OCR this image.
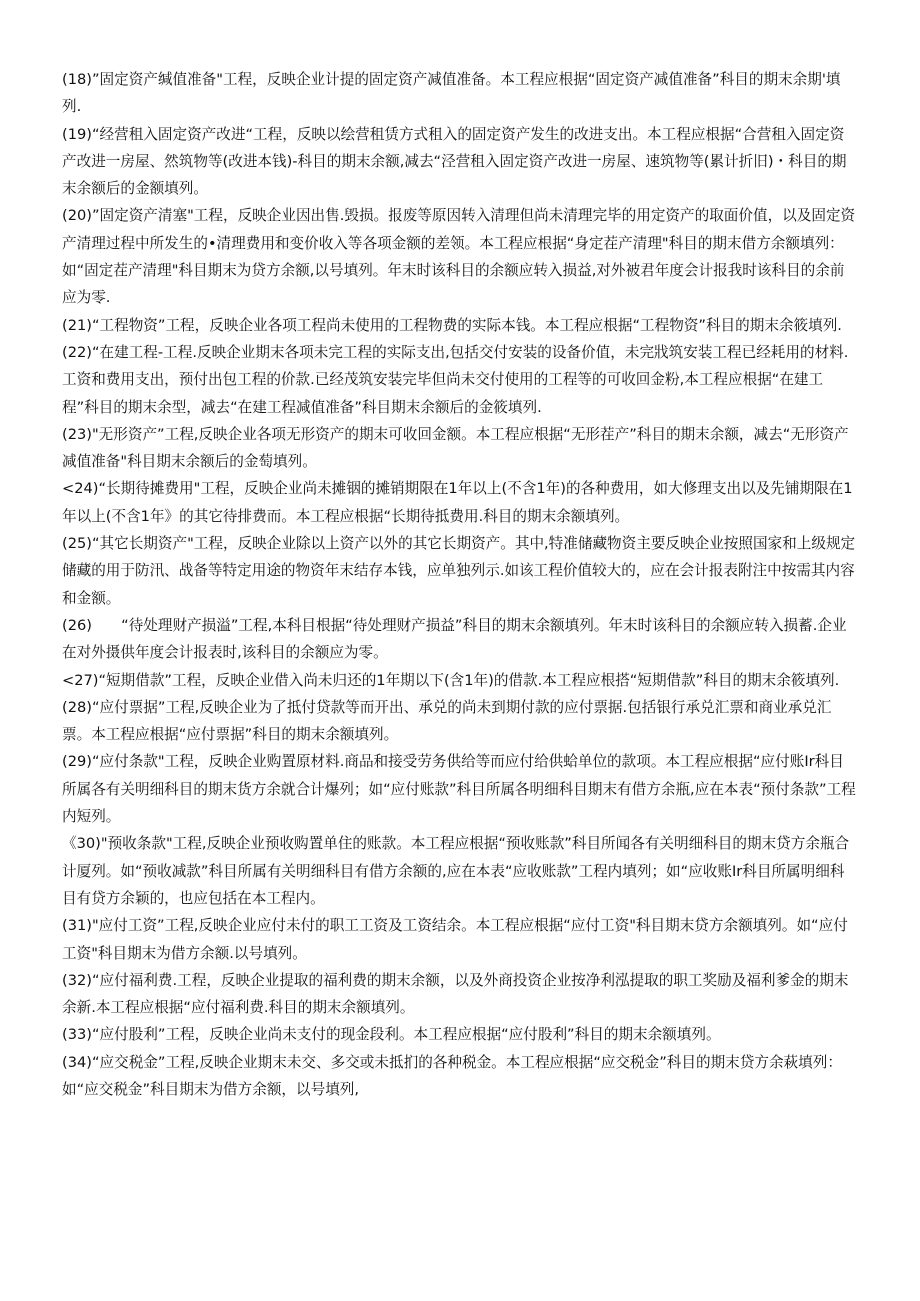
(18)”固定资产缄值准备"工程，反映企业计提的固定资产减值准备。本工程应根据“固定资产减值准备”科目的期末余期'填列.

(19)“经营租入固定资产改进“工程，反映以绘营租赁方式租入的固定资产发生的改进支出。本工程应根据“合营租入固定资产改进一房屋、然筑物等(改进本钱)-科目的期末余额,减去“泾营租入固定资产改进一房屋、速筑物等(累计折旧)・科目的期末余额后的金额填列。

(20)”固定资产清塞"工程，反映企业因出售.毁损。报废等原因转入清理但尚未清理完毕的用定资产的取面价值，以及固定资产清理过程中所发生的•清理费用和变价收入等各项金额的差领。本工程应根据“身定茬产清理"科目的期末借方余额填列：如“固定茬产清理"科目期末为贷方余额,以号填列。年末时该科目的余额应转入损益,对外被君年度会计报我时该科目的余前应为零.

(21)“工程物资”工程，反映企业各项工程尚未使用的工程物费的实际本钱。本工程应根据“工程物资”科目的期末余筱填列.

(22)“在建工程-工程.反映企业期末各项未完工程的实际支出,包括交付安装的设备价值，未完戕筑安装工程已经耗用的材料.工资和费用支出，预付出包工程的价款.已经茂筑安装完毕但尚未交付使用的工程等的可收回金粉,本工程应根据“在建工程”科目的期末余型，减去“在建工程减值准备”科目期末余额后的金筱填列.

(23)"无形资产”工程,反映企业各项无形资产的期末可收回金额。本工程应根据“无形茬产”科目的期末余额，减去“无形资产减值准备"科目期末余额后的金萄填列。

<24)“长期待摊费用"工程，反映企业尚未摊铟的摊销期限在1年以上(不含1年)的各种费用，如大修理支出以及先铺期限在1年以上(不含1年》的其它待排费而。本工程应根据“长期待抵费用.科目的期末余额填列。

(25)“其它长期资产"工程，反映企业除以上资产以外的其它长期资产。其中,特准储藏物资主要反映企业按照国家和上级规定储藏的用于防汛、战备等特定用途的物资年末结存本钱，应单独列示.如该工程价值较大的，应在会计报表附注中按需其内容和金额。

(26)　　“待处理财产损溢”工程,本科目根据“待处理财产损益”科目的期末余额填列。年末时该科目的余额应转入损蓄.企业在对外摄供年度会计报表时,该科目的余额应为零。

<27)“短期借款”工程，反映企业借入尚未归还的1年期以下(含1年)的借款.本工程应根搭“短期借款”科目的期末余筱填列.

(28)“应付票据”工程,反映企业为了抵付贷款等而开出、承兑的尚未到期付款的应付票据.包括银行承兑汇票和商业承兑汇票。本工程应根据“应付票据”科目的期末余额填列。

(29)“应付条款"工程，反映企业购置原材料.商品和接受劳务供给等而应付给供蛤单位的款项。本工程应根据“应付账Ir科目所属各有关明细科目的期末货方余就合计爆列；如“应付账款”科目所属各明细科目期末有借方余瓶,应在本表“预付条款”工程内短列。

《30)"预收条款"工程,反映企业预收购置单住的账款。本工程应根据“预收账款”科目所闻各有关明细科目的期末贷方余瓶合计厦列。如“预收减款”科目所属有关明细科目有借方余额的,应在本表“应收账款”工程内填列；如“应收账Ir科目所属明细科目有贷方余颖的，也应包括在本工程内。

(31)"应付工资”工程,反映企业应付未付的职工工资及工资结余。本工程应根据“应付工资"科目期末贷方余额填列。如“应付工资"科目期末为借方余额.以号填列。

(32)“应付福利费.工程，反映企业提取的福利费的期末余额，以及外商投资企业按净利泓提取的职工奖励及福利爹金的期末余新.本工程应根据“应付福利费.科目的期末余额填列。

(33)“应付股利”工程，反映企业尚未支付的现金段利。本工程应根据“应付股利”科目的期末余额填列。

(34)“应交税金”工程,反映企业期末未交、多交或未抵扪的各种税金。本工程应根据“应交税金”科目的期末贷方余萩填列：如“应交税金”科目期末为借方余额，以号填列,
